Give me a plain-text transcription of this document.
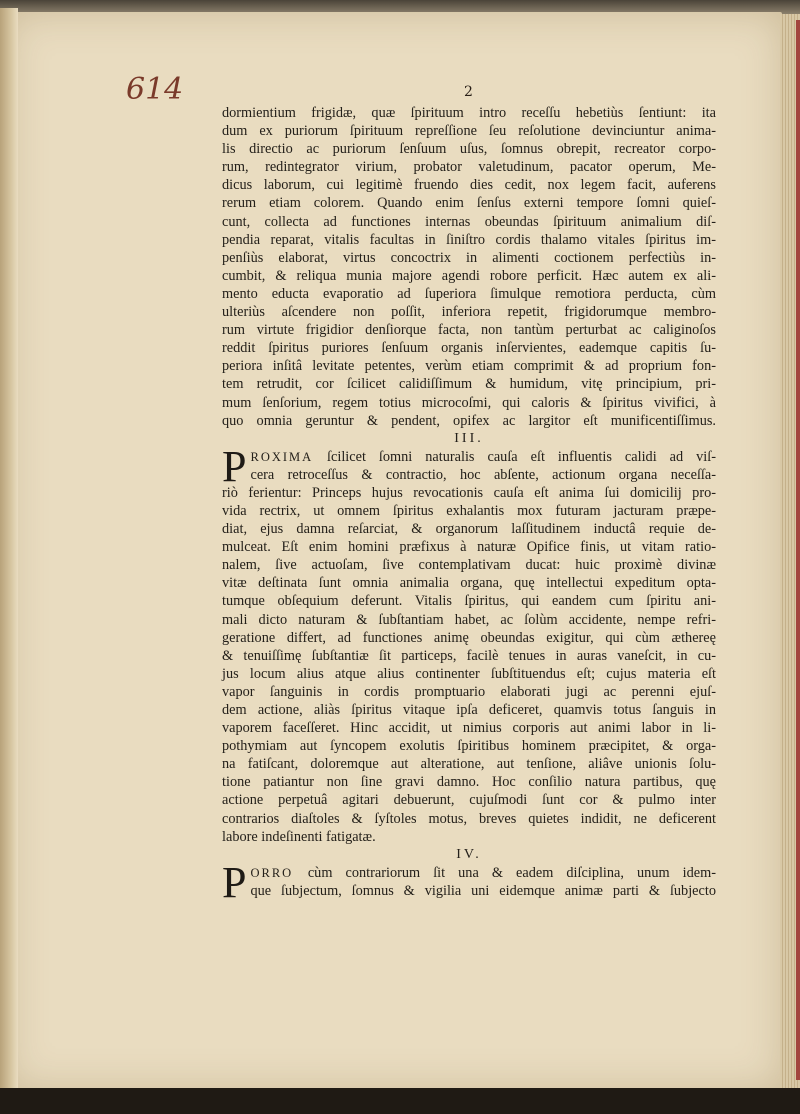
614	2
dormientium frigidæ, quæ ſpirituum intro receſſu hebetiùs ſentiunt: ita
dum ex puriorum ſpirituum repreſſione ſeu reſolutione devinciuntur anima-
lis directio ac puriorum ſenſuum uſus, ſomnus obrepit, recreator corpo-
rum, redintegrator virium, probator valetudinum, pacator operum, Me-
dicus laborum, cui legitimè fruendo dies cedit, nox legem facit, auferens
rerum etiam colorem. Quando enim ſenſus externi tempore ſomni quieſ-
cunt, collecta ad functiones internas obeundas ſpirituum animalium diſ-
pendia reparat, vitalis facultas in ſiniſtro cordis thalamo vitales ſpiritus im-
penſiùs elaborat, virtus concoctrix in alimenti coctionem perfectiùs in-
cumbit, & reliqua munia majore agendi robore perficit. Hæc autem ex ali-
mento educta evaporatio ad ſuperiora ſimulque remotiora perducta, cùm
ulteriùs aſcendere non poſſit, inferiora repetit, frigidorumque membro-
rum virtute frigidior denſiorque facta, non tantùm perturbat ac caliginoſos
reddit ſpiritus puriores ſenſuum organis inſervientes, eademque capitis ſu-
periora inſitâ levitate petentes, verùm etiam comprimit & ad proprium fon-
tem retrudit, cor ſcilicet calidiſſimum & humidum, vitę principium, pri-
mum ſenſorium, regem totius microcoſmi, qui caloris & ſpiritus vivifici, à
quo omnia geruntur & pendent, opifex ac largitor eſt munificentiſſimus.
III.
P ROXIMA ſcilicet ſomni naturalis cauſa eſt influentis calidi ad viſ-
cera retroceſſus & contractio, hoc abſente, actionum organa neceſſa-
riò ferientur: Princeps hujus revocationis cauſa eſt anima ſui domicilij pro-
vida rectrix, ut omnem ſpiritus exhalantis mox futuram jacturam præpe-
diat, ejus damna reſarciat, & organorum laſſitudinem inductâ requie de-
mulceat. Eſt enim homini præfixus à naturæ Opifice finis, ut vitam ratio-
nalem, ſive actuoſam, ſive contemplativam ducat: huic proximè divinæ
vitæ deſtinata ſunt omnia animalia organa, quę intellectui expeditum opta-
tumque obſequium deferunt. Vitalis ſpiritus, qui eandem cum ſpiritu ani-
mali dicto naturam & ſubſtantiam habet, ac ſolùm accidente, nempe refri-
geratione differt, ad functiones animę obeundas exigitur, qui cùm æthereę
& tenuiſſimę ſubſtantiæ ſit particeps, facilè tenues in auras vaneſcit, in cu-
jus locum alius atque alius continenter ſubſtituendus eſt; cujus materia eſt
vapor ſanguinis in cordis promptuario elaborati jugi ac perenni ejuſ-
dem actione, aliàs ſpiritus vitaque ipſa deficeret, quamvis totus ſanguis in
vaporem faceſſeret. Hinc accidit, ut nimius corporis aut animi labor in li-
pothymiam aut ſyncopem exolutis ſpiritibus hominem præcipitet, & orga-
na fatiſcant, doloremque aut alteratione, aut tenſione, aliâve unionis ſolu-
tione patiantur non ſine gravi damno. Hoc conſilio natura partibus, quę
actione perpetuâ agitari debuerunt, cujuſmodi ſunt cor & pulmo inter
contrarios diaſtoles & ſyſtoles motus, breves quietes indidit, ne deficerent
labore indeſinenti fatigatæ.
IV.
P ORRO cùm contrariorum ſit una & eadem diſciplina, unum idem-
que ſubjectum, ſomnus & vigilia uni eidemque animæ parti & ſubjecto
